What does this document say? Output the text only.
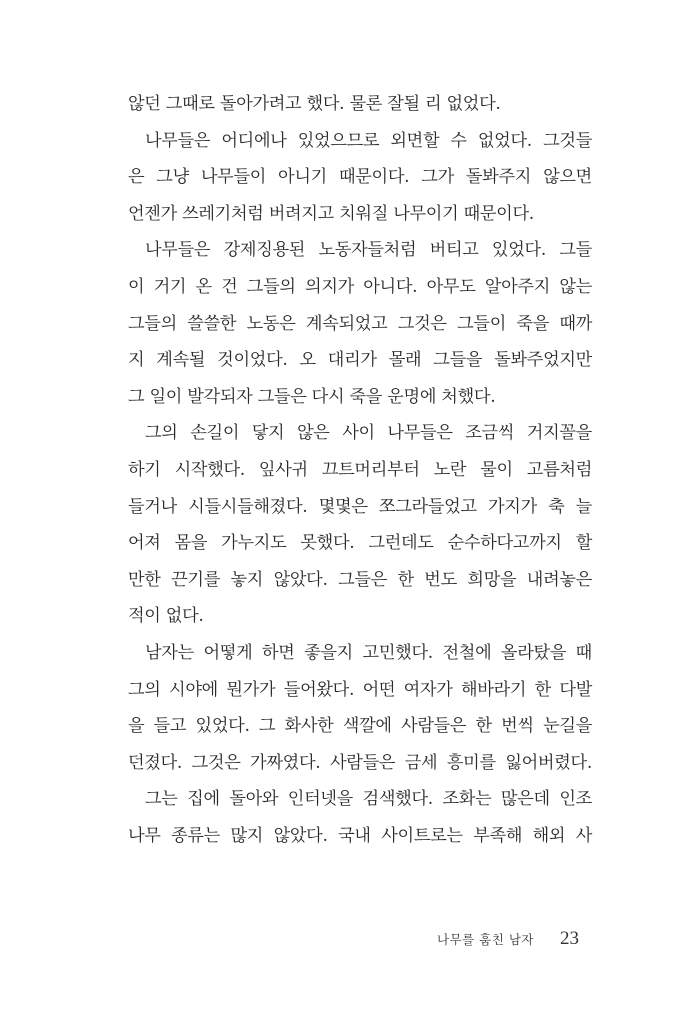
않던 그때로 돌아가려고 했다. 물론 잘될 리 없었다.
나무들은 어디에나 있었으므로 외면할 수 없었다. 그것들
은 그냥 나무들이 아니기 때문이다. 그가 돌봐주지 않으면
언젠가 쓰레기처럼 버려지고 치워질 나무이기 때문이다.
나무들은 강제징용된 노동자들처럼 버티고 있었다. 그들
이 거기 온 건 그들의 의지가 아니다. 아무도 알아주지 않는
그들의 쓸쓸한 노동은 계속되었고 그것은 그들이 죽을 때까
지 계속될 것이었다. 오 대리가 몰래 그들을 돌봐주었지만
그 일이 발각되자 그들은 다시 죽을 운명에 처했다.
그의 손길이 닿지 않은 사이 나무들은 조금씩 거지꼴을
하기 시작했다. 잎사귀 끄트머리부터 노란 물이 고름처럼
들거나 시들시들해졌다. 몇몇은 쪼그라들었고 가지가 축 늘
어져 몸을 가누지도 못했다. 그런데도 순수하다고까지 할
만한 끈기를 놓지 않았다. 그들은 한 번도 희망을 내려놓은
적이 없다.
남자는 어떻게 하면 좋을지 고민했다. 전철에 올라탔을 때
그의 시야에 뭔가가 들어왔다. 어떤 여자가 해바라기 한 다발
을 들고 있었다. 그 화사한 색깔에 사람들은 한 번씩 눈길을
던졌다. 그것은 가짜였다. 사람들은 금세 흥미를 잃어버렸다.
그는 집에 돌아와 인터넷을 검색했다. 조화는 많은데 인조
나무 종류는 많지 않았다. 국내 사이트로는 부족해 해외 사
나무를 훔친 남자 23
